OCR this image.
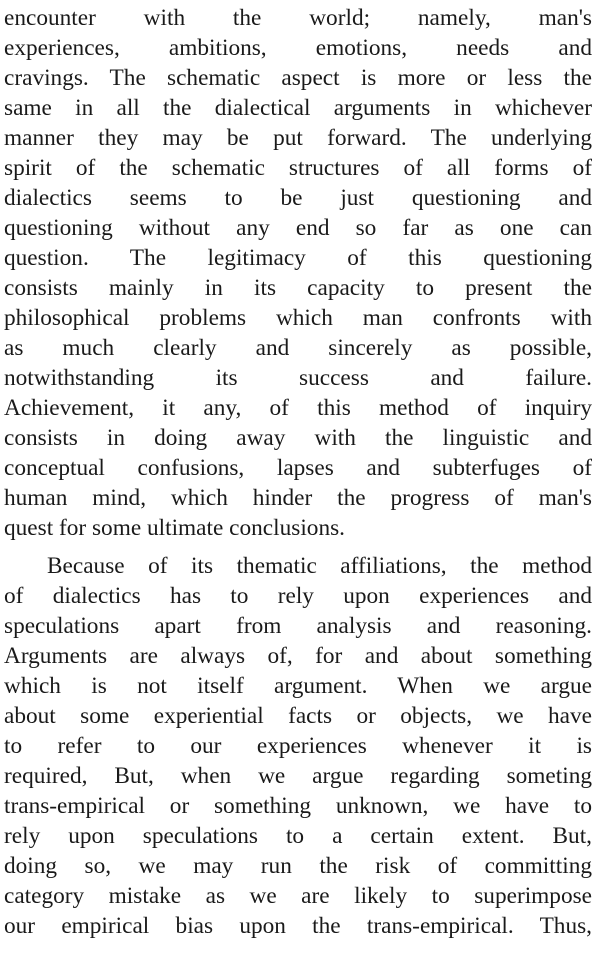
encounter with the world; namely, man's
experiences, ambitions, emotions, needs and
cravings. The schematic aspect is more or less the
same in all the dialectical arguments in whichever
manner they may be put forward. The underlying
spirit of the schematic structures of all forms of
dialectics seems to be just questioning and
questioning without any end so far as one can
question. The legitimacy of this questioning
consists mainly in its capacity to present the
philosophical problems which man confronts with
as much clearly and sincerely as possible,
notwithstanding its success and failure.
Achievement, it any, of this method of inquiry
consists in doing away with the linguistic and
conceptual confusions, lapses and subterfuges of
human mind, which hinder the progress of man's
quest for some ultimate conclusions.
Because of its thematic affiliations, the method
of dialectics has to rely upon experiences and
speculations apart from analysis and reasoning.
Arguments are always of, for and about something
which is not itself argument. When we argue
about some experiential facts or objects, we have
to refer to our experiences whenever it is
required, But, when we argue regarding someting
trans-empirical or something unknown, we have to
rely upon speculations to a certain extent. But,
doing so, we may run the risk of committing
category mistake as we are likely to superimpose
our empirical bias upon the trans-empirical. Thus,
